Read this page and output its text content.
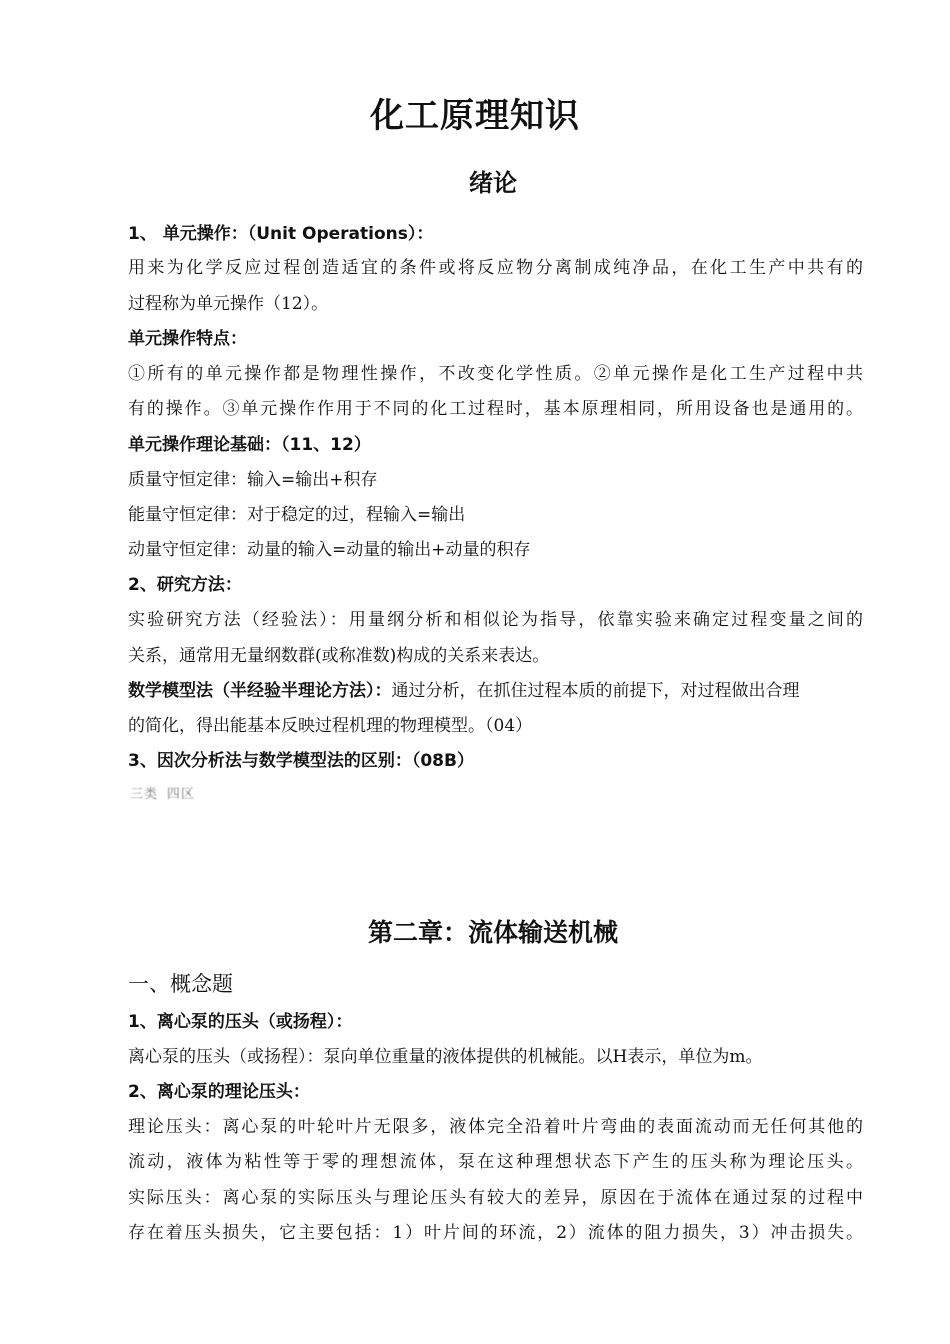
化工原理知识
绪论
1、 单元操作：（Unit Operations）：
用来为化学反应过程创造适宜的条件或将反应物分离制成纯净品，在化工生产中共有的
过程称为单元操作（12）。
单元操作特点：
①所有的单元操作都是物理性操作，不改变化学性质。②单元操作是化工生产过程中共
有的操作。③单元操作作用于不同的化工过程时，基本原理相同，所用设备也是通用的。
单元操作理论基础：（11、12）
质量守恒定律：输入=输出+积存
能量守恒定律：对于稳定的过，程输入=输出
动量守恒定律：动量的输入=动量的输出+动量的积存
2、研究方法：
实验研究方法（经验法）：用量纲分析和相似论为指导，依靠实验来确定过程变量之间的
关系，通常用无量纲数群(或称准数)构成的关系来表达。
数学模型法（半经验半理论方法）：通过分析，在抓住过程本质的前提下，对过程做出合理
的简化，得出能基本反映过程机理的物理模型。（04）
3、因次分析法与数学模型法的区别：（08B）
三类 四区
第二章：流体输送机械
一、概念题
1、离心泵的压头（或扬程）：
离心泵的压头（或扬程）：泵向单位重量的液体提供的机械能。以H表示，单位为m。
2、离心泵的理论压头：
理论压头：离心泵的叶轮叶片无限多，液体完全沿着叶片弯曲的表面流动而无任何其他的
流动，液体为粘性等于零的理想流体，泵在这种理想状态下产生的压头称为理论压头。
实际压头：离心泵的实际压头与理论压头有较大的差异，原因在于流体在通过泵的过程中
存在着压头损失，它主要包括：1）叶片间的环流，2）流体的阻力损失，3）冲击损失。
